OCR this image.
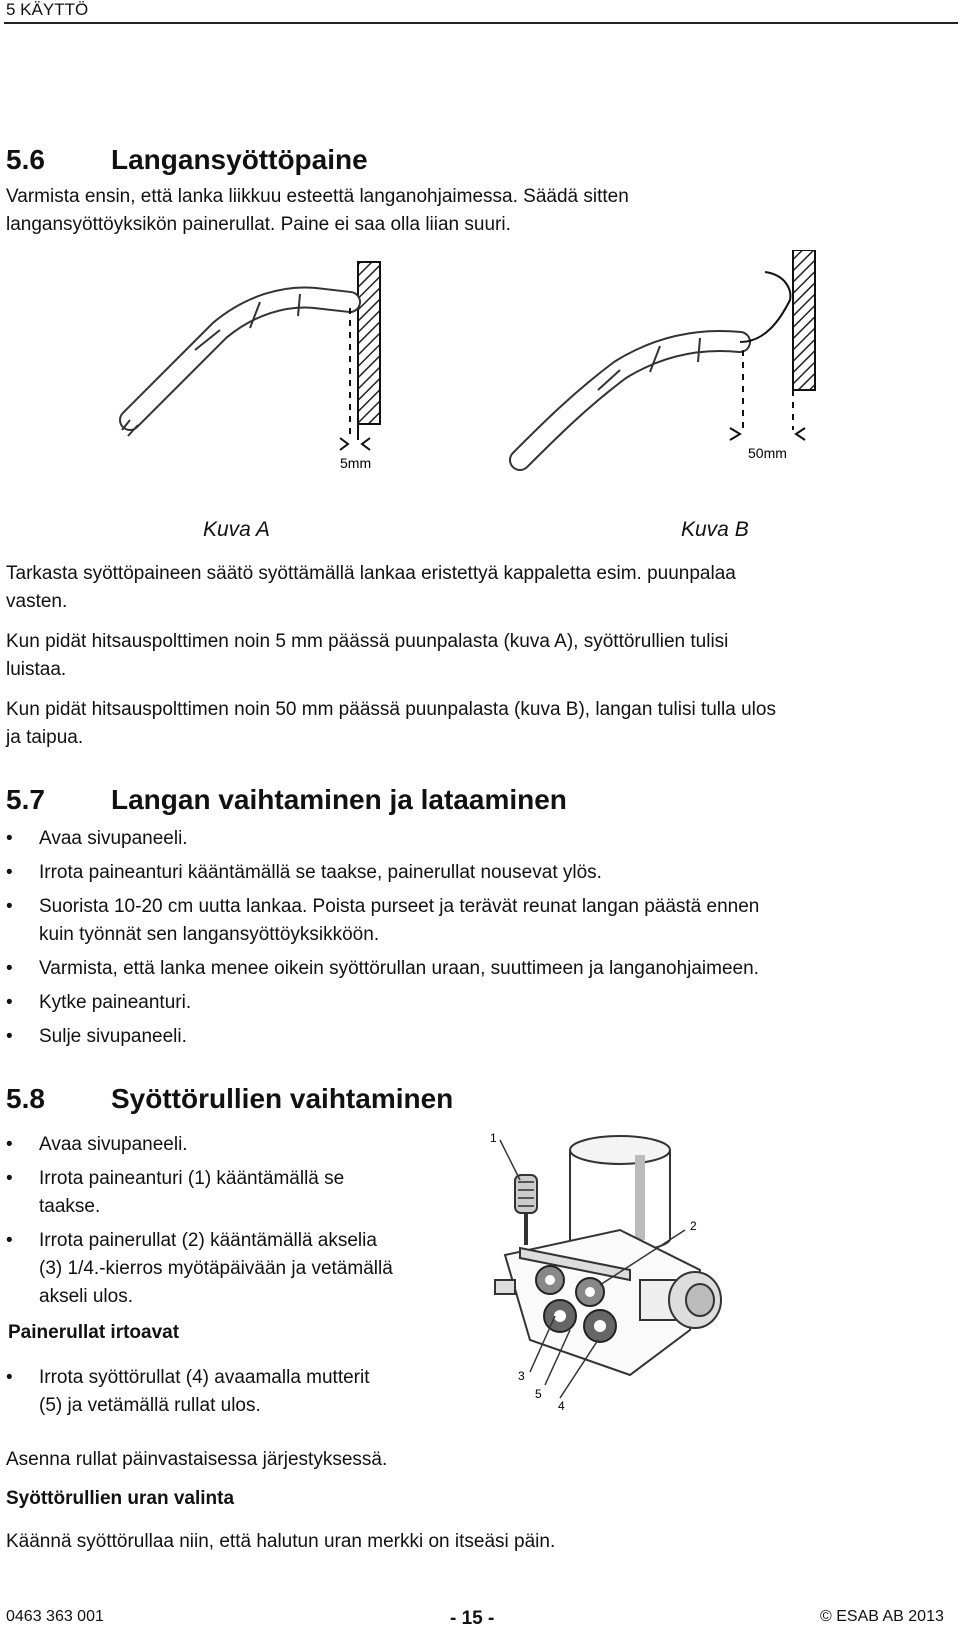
5 KÄYTTÖ
5.6 Langansyöttöpaine
Varmista ensin, että lanka liikkuu esteettä langanohjaimessa. Säädä sitten
langansyöttöyksikön painerullat. Paine ei saa olla liian suuri.
5mm
50mm
Kuva A	Kuva B
Tarkasta syöttöpaineen säätö syöttämällä lankaa eristettyä kappaletta esim. puunpalaa
vasten.
Kun pidät hitsauspolttimen noin 5 mm päässä puunpalasta (kuva A), syöttörullien tulisi
luistaa.
Kun pidät hitsauspolttimen noin 50 mm päässä puunpalasta (kuva B), langan tulisi tulla ulos
ja taipua.
5.7 Langan vaihtaminen ja lataaminen
• Avaa sivupaneeli.
• Irrota paineanturi kääntämällä se taakse, painerullat nousevat ylös.
• Suorista 10-20 cm uutta lankaa. Poista purseet ja terävät reunat langan päästä ennen
kuin työnnät sen langansyöttöyksikköön.
• Varmista, että lanka menee oikein syöttörullan uraan, suuttimeen ja langanohjaimeen.
• Kytke paineanturi.
• Sulje sivupaneeli.
5.8 Syöttörullien vaihtaminen
• Avaa sivupaneeli.
• Irrota paineanturi (1) kääntämällä se
taakse.
• Irrota painerullat (2) kääntämällä akselia
(3) 1/4.-kierros myötäpäivään ja vetämällä
akseli ulos.
Painerullat irtoavat
• Irrota syöttörullat (4) avaamalla mutterit
(5) ja vetämällä rullat ulos.
1
2
3
4
5
Asenna rullat päinvastaisessa järjestyksessä.
Syöttörullien uran valinta
Käännä syöttörullaa niin, että halutun uran merkki on itseäsi päin.
0463 363 001	- 15 -	© ESAB AB 2013
